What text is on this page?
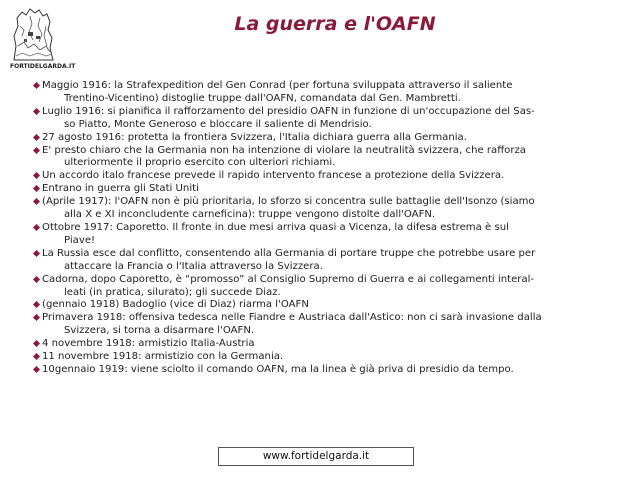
FORTIDELGARDA.IT
La guerra e l'OAFN
Maggio 1916: la Strafexpedition del Gen Conrad (per fortuna sviluppata attraverso il saliente
Trentino-Vicentino) distoglie truppe dall'OAFN, comandata dal Gen. Mambretti.
Luglio 1916: si pianifica il rafforzamento del presidio OAFN in funzione di un'occupazione del Sas-
so Piatto, Monte Generoso e bloccare il saliente di Mendrisio.
27 agosto 1916: protetta la frontiera Svizzera, l'Italia dichiara guerra alla Germania.
E' presto chiaro che la Germania non ha intenzione di violare la neutralità svizzera, che rafforza
ulteriormente il proprio esercito con ulteriori richiami.
Un accordo italo francese prevede il rapido intervento francese a protezione della Svizzera.
Entrano in guerra gli Stati Uniti
(Aprile 1917): l'OAFN non è più prioritaria, lo sforzo si concentra sulle battaglie dell'Isonzo (siamo
alla X e XI inconcludente carneficina): truppe vengono distolte dall'OAFN.
Ottobre 1917: Caporetto. Il fronte in due mesi arriva quasi a Vicenza, la difesa estrema è sul
Piave!
La Russia esce dal conflitto, consentendo alla Germania di portare truppe che potrebbe usare per
attaccare la Francia o l'Italia attraverso la Svizzera.
Cadorna, dopo Caporetto, è “promosso” al Consiglio Supremo di Guerra e ai collegamenti interal-
leati (in pratica, silurato); gli succede Diaz.
(gennaio 1918) Badoglio (vice di Diaz) riarma l'OAFN
Primavera 1918: offensiva tedesca nelle Fiandre e Austriaca dall'Astico: non ci sarà invasione dalla
Svizzera, si torna a disarmare l'OAFN.
4 novembre 1918: armistizio Italia-Austria
11 novembre 1918: armistizio con la Germania.
10gennaio 1919: viene sciolto il comando OAFN, ma la linea è già priva di presidio da tempo.
www.fortidelgarda.it
